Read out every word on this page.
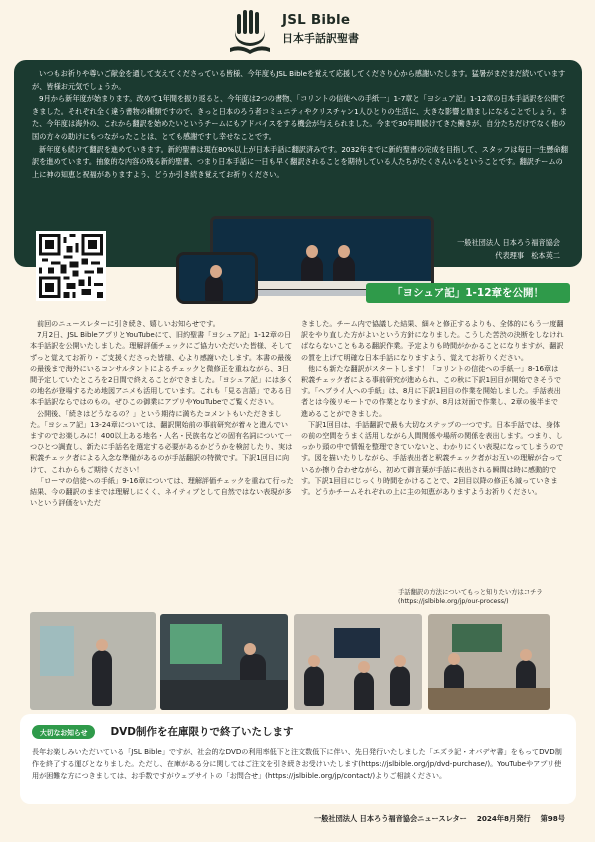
JSL Bible
日本手話訳聖書

いつもお祈りや尊いご献金を通して支えてくださっている皆様、今年度もJSL Bibleを覚えて応援してくださり心から感謝いたします。猛暑がまだまだ続いていますが、皆様お元気でしょうか。

9月から新年度が始まります。改めて1年間を振り返ると、今年度は2つの書物、「コリントの信徒への手紙一」1-7章と「ヨシュア記」1-12章の日本手話訳を公開できました。それぞれ全く違う書物の種類ですので、きっと日本のろう者コミュニティやクリスチャン1人ひとりの生活に、大きな影響と励ましになることでしょう。また、今年度は海外の、これから翻訳を始めたいというチームにもアドバイスをする機会が与えられました。今まで30年間続けてきた働きが、自分たちだけでなく他の国の方々の助けにもつながったことは、とても感謝ですし幸せなことです。

新年度も続けて翻訳を進めていきます。新約聖書は現在80%以上が日本手話に翻訳済みです。2032年までに新約聖書の完成を目指して、スタッフは毎日一生懸命翻訳を進めています。抽象的な内容の残る新約聖書、つまり日本手話に一日も早く翻訳されることを期待している人たちがたくさんいるということです。翻訳チームの上に神の知恵と祝福がありますよう、どうか引き続き覚えてお祈りください。

一般社団法人 日本ろう福音協会
代表理事　松本英二
「ヨシュア記」1-12章を公開！

前回のニュースレターに引き続き、嬉しいお知らせです。

7月2日、JSL BibleアプリとYouTubeにて、旧約聖書「ヨシュア記」1-12章の日本手話訳を公開いたしました。理解評価チェックにご協力いただいた皆様、そしてずっと覚えてお祈り・ご支援くださった皆様、心より感謝いたします。本書の最後の最後まで海外にいるコンサルタントによるチェックと微修正を重ねながら、3日間予定していたところを2日間で終えることができました。「ヨシュア記」には多くの地名が登場するため地図アニメも活用しています。これも「見る言語」である日本手話訳ならではのもの。ぜひこの御業にアプリやYouTubeでご覧ください。

公開後、「続きはどうなるの？」という期待に満ちたコメントもいただきました。「ヨシュア記」13-24章については、翻訳開始前の事前研究が着々と進んでいますのでお楽しみに！400以上ある地名・人名・民族名などの固有名詞について一つひとつ調査し、新たに手話名を選定する必要があるかどうかを検討したり、実は釈義チェック者による入念な準備があるのが手話翻訳の特徴です。下訳1回目に向けて、これからもご期待ください！

「ローマの信徒への手紙」9-16章については、理解評価チェックを重ねて行った結果、今の翻訳のままでは理解しにくく、ネイティブとして自然ではない表現が多いという評価をいただ

きました。チーム内で協議した結果、細々と修正するよりも、全体的にもう一度翻訳をやり直した方がよいという方針になりました。こうした苦渋の決断をしなければならないこともある翻訳作業。予定よりも時間がかかることになりますが、翻訳の質を上げて明確な日本手話になりますよう、覚えてお祈りください。

他にも新たな翻訳がスタートします！「コリントの信徒への手紙一」8-16章は釈義チェック者による事前研究が進められ、この秋に下訳1回目が開始できそうです。「ヘブライ人への手紙」は、8月に下訳1回目の作業を開始しました。手話表出者とは今後リモートでの作業となりますが、8月は対面で作業し、2章の後半まで進めることができました。

下訳1回目は、手話翻訳で最も大切なステップの一つです。日本手話では、身体の前の空間をうまく活用しながら人間関係や場所の関係を表出します。つまり、しっかり頭の中で情報を整理できていないと、わかりにくい表現になってしまうのです。図を描いたりしながら、手話表出者と釈義チェック者がお互いの理解が合っているか擦り合わせながら、初めて御言葉が手話に表出される瞬間は時に感動的です。下訳1回目にじっくり時間をかけることで、2回目以降の修正も減っていきます。どうかチームそれぞれの上に主の知恵がありますようお祈りください。

手話翻訳の方法についてもっと知りたい方はコチラ
(https://jslbible.org/jp/our-process/)
大切なお知らせ DVD制作を在庫限りで終了いたします
長年お楽しみいただいている「JSL Bible」ですが、社会的なDVDの利用率低下と注文数低下に伴い、先日発行いたしました「エズラ記・オバデヤ書」をもってDVD制作を終了する運びとなりました。ただし、在庫がある分に関してはご注文を引き続きお受けいたします(https://jslbible.org/jp/dvd-purchase/)。YouTubeやアプリ使用が困難な方につきましては、お手数ですがウェブサイトの「お問合せ」(https://jslbible.org/jp/contact/)よりご相談ください。
一般社団法人 日本ろう福音協会ニュースレター 2024年8月発行 第98号
